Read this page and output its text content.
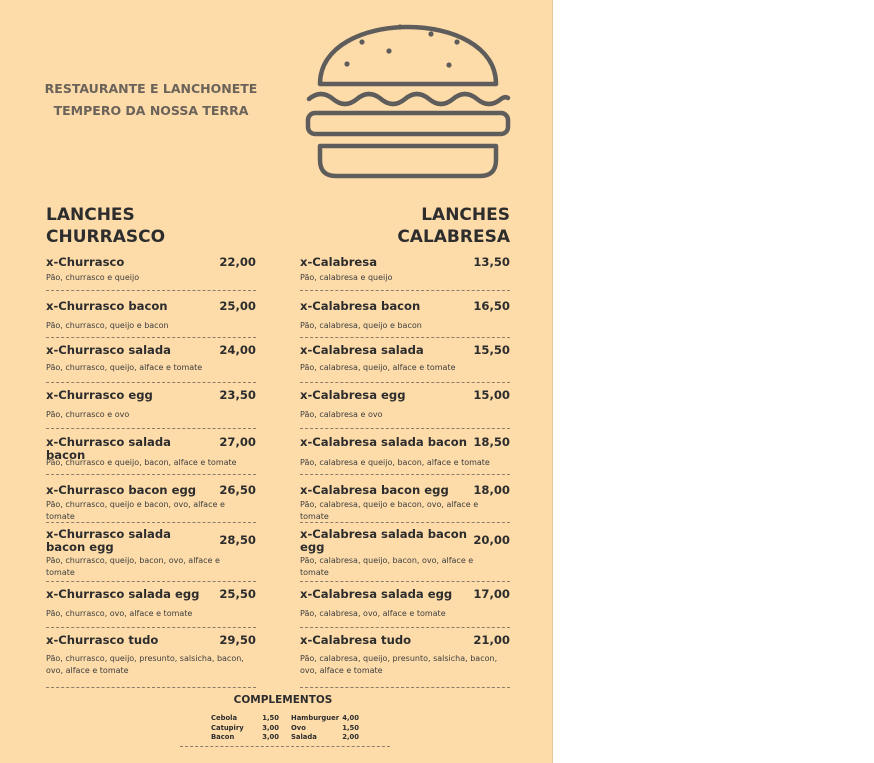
RESTAURANTE E LANCHONETE
TEMPERO DA NOSSA TERRA
LANCHES
CHURRASCO
LANCHES
CALABRESA
x-Churrasco	22,00
Pão, churrasco e queijo
x-Churrasco bacon	25,00
Pão, churrasco, queijo e bacon
x-Churrasco salada	24,00
Pão, churrasco, queijo, alface e tomate
x-Churrasco egg	23,50
Pão, churrasco e ovo
x-Churrasco salada bacon
27,00
Pão, churrasco e queijo, bacon, alface e tomate
x-Churrasco bacon egg	26,50
Pão, churrasco, queijo e bacon, ovo, alface e tomate
x-Churrasco salada bacon egg	28,50
Pão, churrasco, queijo, bacon, ovo, alface e tomate
x-Churrasco salada egg	25,50
Pão, churrasco, ovo, alface e tomate
x-Churrasco tudo	29,50
Pão, churrasco, queijo, presunto, salsicha, bacon, ovo, alface e tomate
x-Calabresa	13,50
Pão, calabresa e queijo
x-Calabresa bacon	16,50
Pão, calabresa, queijo e bacon
x-Calabresa salada	15,50
Pão, calabresa, queijo, alface e tomate
x-Calabresa egg	15,00
Pão, calabresa e ovo
x-Calabresa salada bacon 18,50
Pão, calabresa e queijo, bacon, alface e tomate
x-Calabresa bacon egg	18,00
Pão, calabresa, queijo e bacon, ovo, alface e tomate
x-Calabresa salada bacon egg	20,00
Pão, calabresa, queijo, bacon, ovo, alface e tomate
x-Calabresa salada egg	17,00
Pão, calabresa, ovo, alface e tomate
x-Calabresa tudo	21,00
Pão, calabresa, queijo, presunto, salsicha, bacon, ovo, alface e tomate
COMPLEMENTOS
Cebola	1,50
Catupiry	3,00
Bacon	3,00
Hamburguer 4,00
Ovo	1,50
Salada	2,00
